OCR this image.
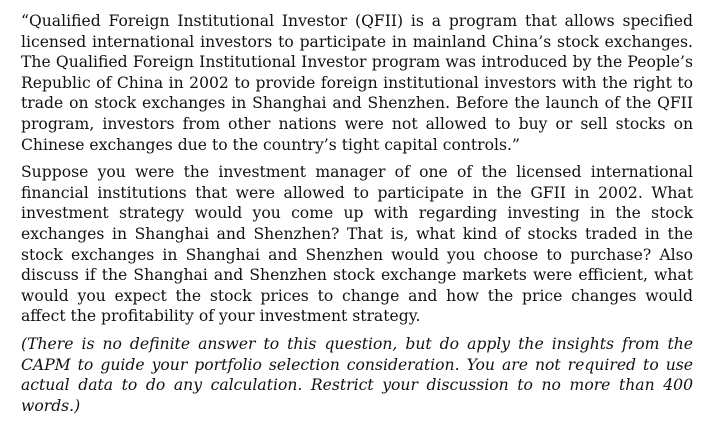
“Qualified Foreign Institutional Investor (QFII) is a program that allows specified licensed international investors to participate in mainland China’s stock exchanges. The Qualified Foreign Institutional Investor program was introduced by the People’s Republic of China in 2002 to provide foreign institutional investors with the right to trade on stock exchanges in Shanghai and Shenzhen. Before the launch of the QFII program, investors from other nations were not allowed to buy or sell stocks on Chinese exchanges due to the country’s tight capital controls.”

Suppose you were the investment manager of one of the licensed international financial institutions that were allowed to participate in the GFII in 2002. What investment strategy would you come up with regarding investing in the stock exchanges in Shanghai and Shenzhen? That is, what kind of stocks traded in the stock exchanges in Shanghai and Shenzhen would you choose to purchase? Also discuss if the Shanghai and Shenzhen stock exchange markets were efficient, what would you expect the stock prices to change and how the price changes would affect the profitability of your investment strategy.

(There is no definite answer to this question, but do apply the insights from the CAPM to guide your portfolio selection consideration. You are not required to use actual data to do any calculation. Restrict your discussion to no more than 400 words.)
